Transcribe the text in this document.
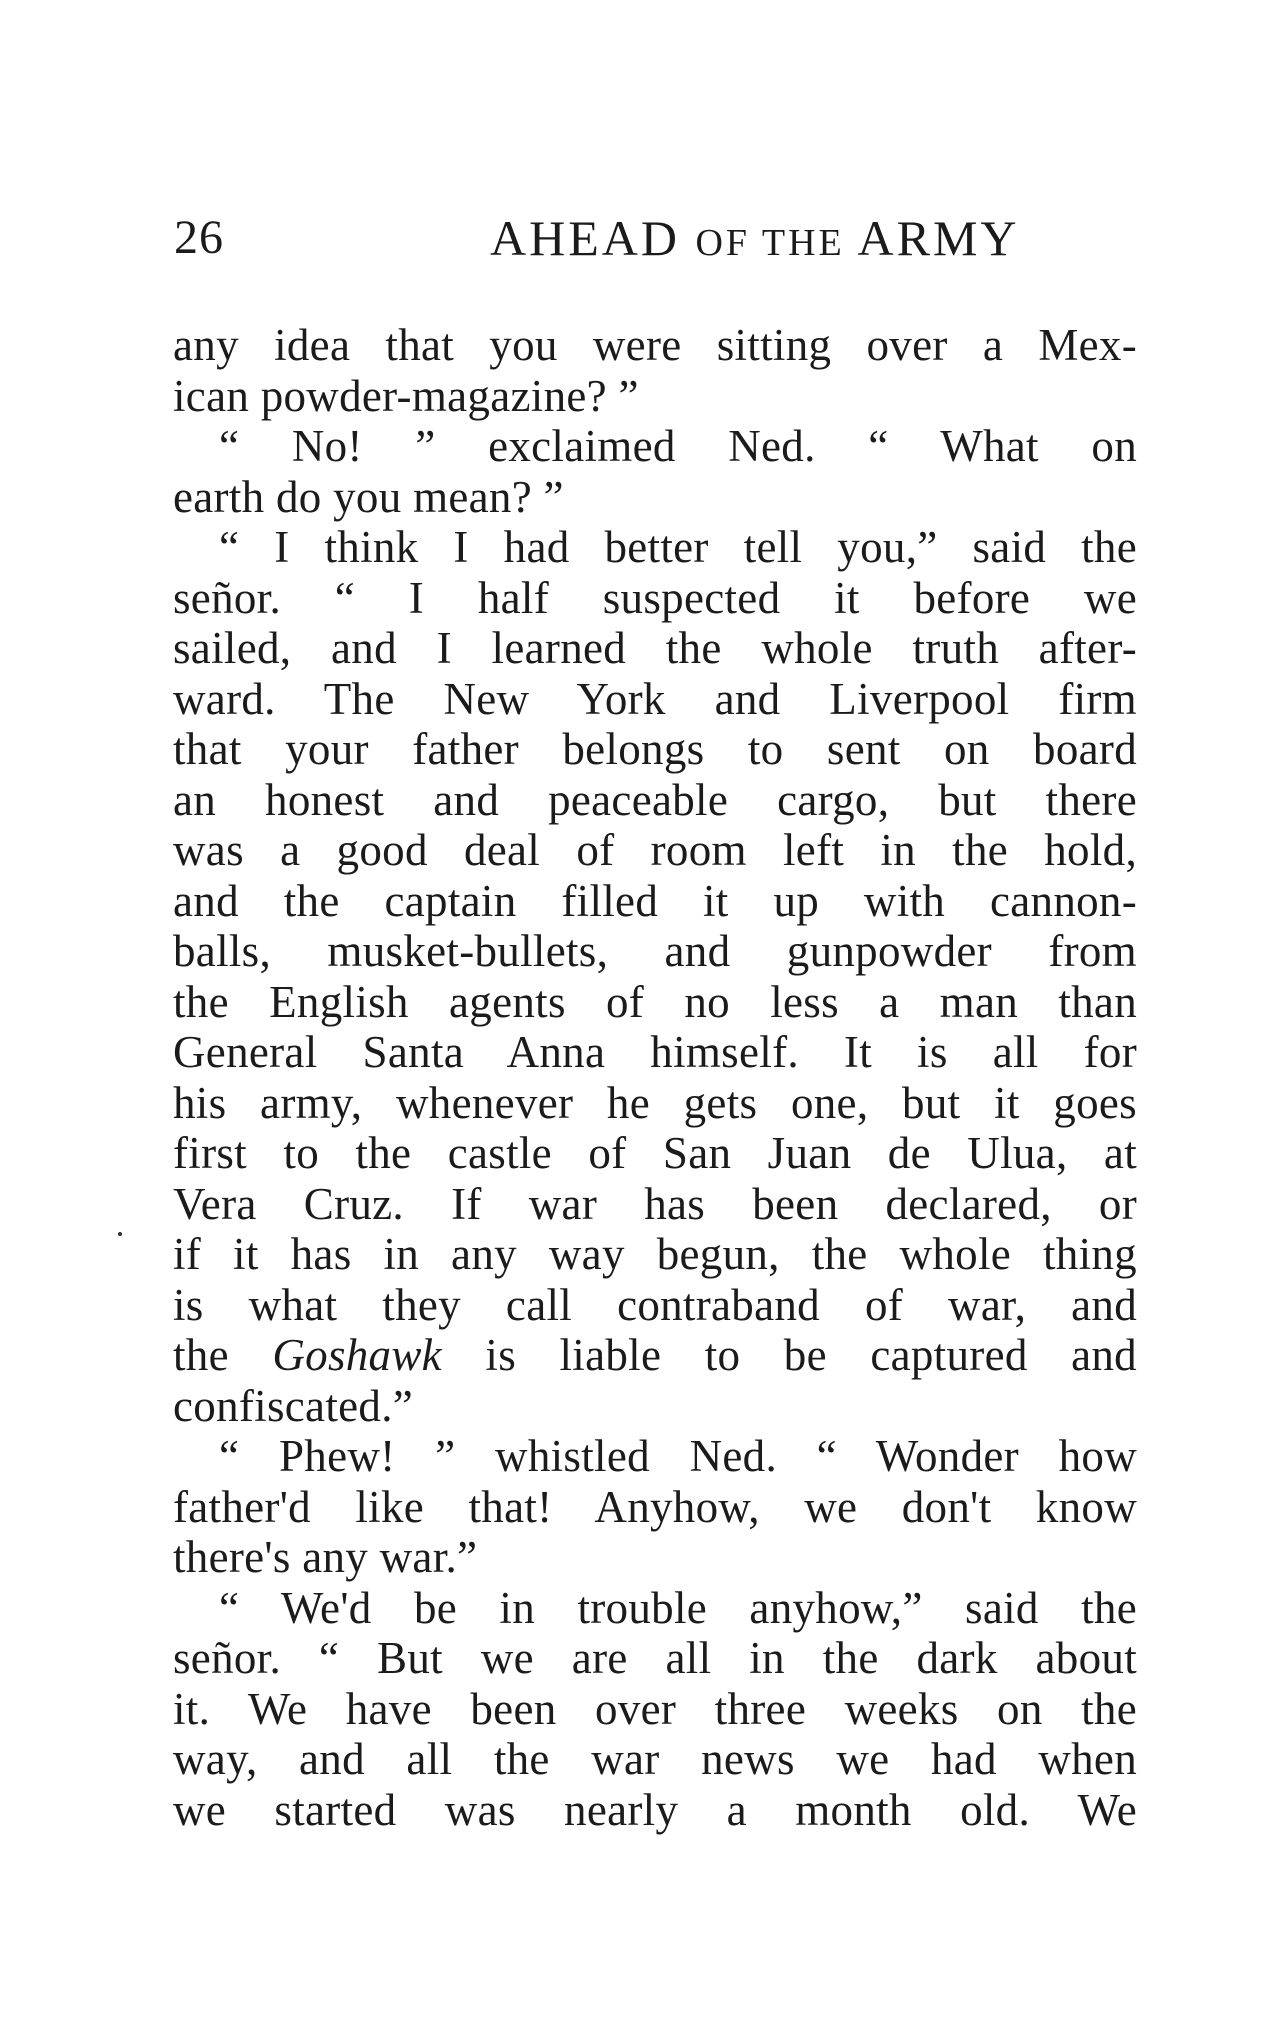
26	AHEAD OF THE ARMY
any idea that you were sitting over a Mex-
ican powder-magazine? ”
“ No! ” exclaimed Ned. “ What on
earth do you mean? ”
“ I think I had better tell you,” said the
señor. “ I half suspected it before we
sailed, and I learned the whole truth after-
ward. The New York and Liverpool firm
that your father belongs to sent on board
an honest and peaceable cargo, but there
was a good deal of room left in the hold,
and the captain filled it up with cannon-
balls, musket-bullets, and gunpowder from
the English agents of no less a man than
General Santa Anna himself. It is all for
his army, whenever he gets one, but it goes
first to the castle of San Juan de Ulua, at
Vera Cruz. If war has been declared, or
if it has in any way begun, the whole thing
is what they call contraband of war, and
the Goshawk is liable to be captured and
confiscated.”
“ Phew! ” whistled Ned. “ Wonder how
father'd like that! Anyhow, we don't know
there's any war.”
“ We'd be in trouble anyhow,” said the
señor. “ But we are all in the dark about
it. We have been over three weeks on the
way, and all the war news we had when
we started was nearly a month old. We
